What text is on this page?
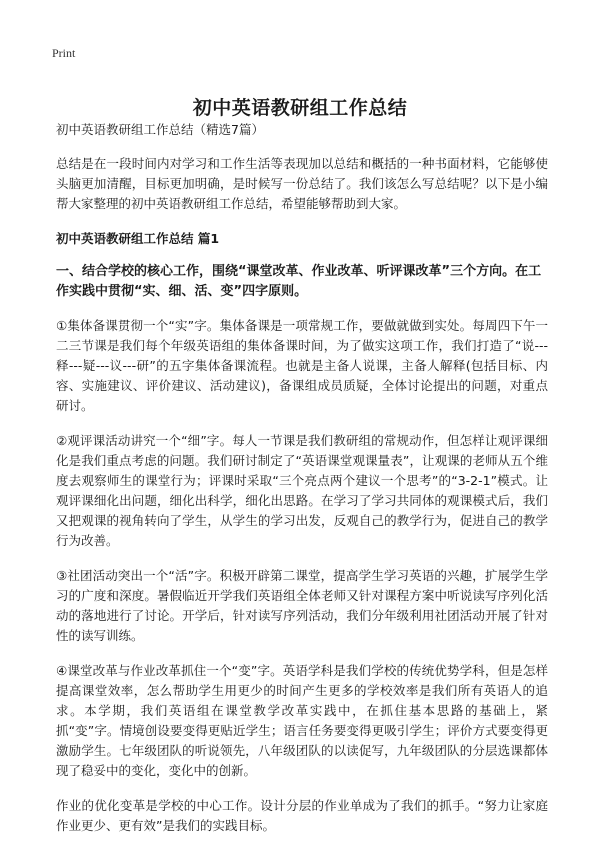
Print
初中英语教研组工作总结
初中英语教研组工作总结（精选7篇）

总结是在一段时间内对学习和工作生活等表现加以总结和概括的一种书面材料，它能够使头脑更加清醒，目标更加明确，是时候写一份总结了。我们该怎么写总结呢？以下是小编帮大家整理的初中英语教研组工作总结，希望能够帮助到大家。

初中英语教研组工作总结 篇1
一、结合学校的核心工作，围绕“课堂改革、作业改革、听评课改革”三个方向。在工作实践中贯彻“实、细、活、变”四字原则。

①集体备课贯彻一个“实”字。集体备课是一项常规工作，要做就做到实处。每周四下午一二三节课是我们每个年级英语组的集体备课时间，为了做实这项工作，我们打造了“说---释---疑---议---研”的五字集体备课流程。也就是主备人说课，主备人解释(包括目标、内容、实施建议、评价建议、活动建议)，备课组成员质疑，全体讨论提出的问题，对重点研讨。

②观评课活动讲究一个“细”字。每人一节课是我们教研组的常规动作，但怎样让观评课细化是我们重点考虑的问题。我们研讨制定了“英语课堂观课量表”，让观课的老师从五个维度去观察师生的课堂行为；评课时采取“三个亮点两个建议一个思考”的“3-2-1”模式。让观评课细化出问题，细化出科学，细化出思路。在学习了学习共同体的观课模式后，我们又把观课的视角转向了学生，从学生的学习出发，反观自己的教学行为，促进自己的教学行为改善。

③社团活动突出一个“活”字。积极开辟第二课堂，提高学生学习英语的兴趣，扩展学生学习的广度和深度。暑假临近开学我们英语组全体老师又针对课程方案中听说读写序列化活动的落地进行了讨论。开学后，针对读写序列活动，我们分年级利用社团活动开展了针对性的读写训练。

④课堂改革与作业改革抓住一个“变”字。英语学科是我们学校的传统优势学科，但是怎样提高课堂效率，怎么帮助学生用更少的时间产生更多的学校效率是我们所有英语人的追求。本学期，我们英语组在课堂教学改革实践中，在抓住基本思路的基础上，紧抓“变”字。情境创设要变得更贴近学生；语言任务要变得更吸引学生；评价方式要变得更激励学生。七年级团队的听说领先，八年级团队的以读促写，九年级团队的分层选课都体现了稳妥中的变化，变化中的创新。

作业的优化变革是学校的中心工作。设计分层的作业单成为了我们的抓手。“努力让家庭作业更少、更有效”是我们的实践目标。
